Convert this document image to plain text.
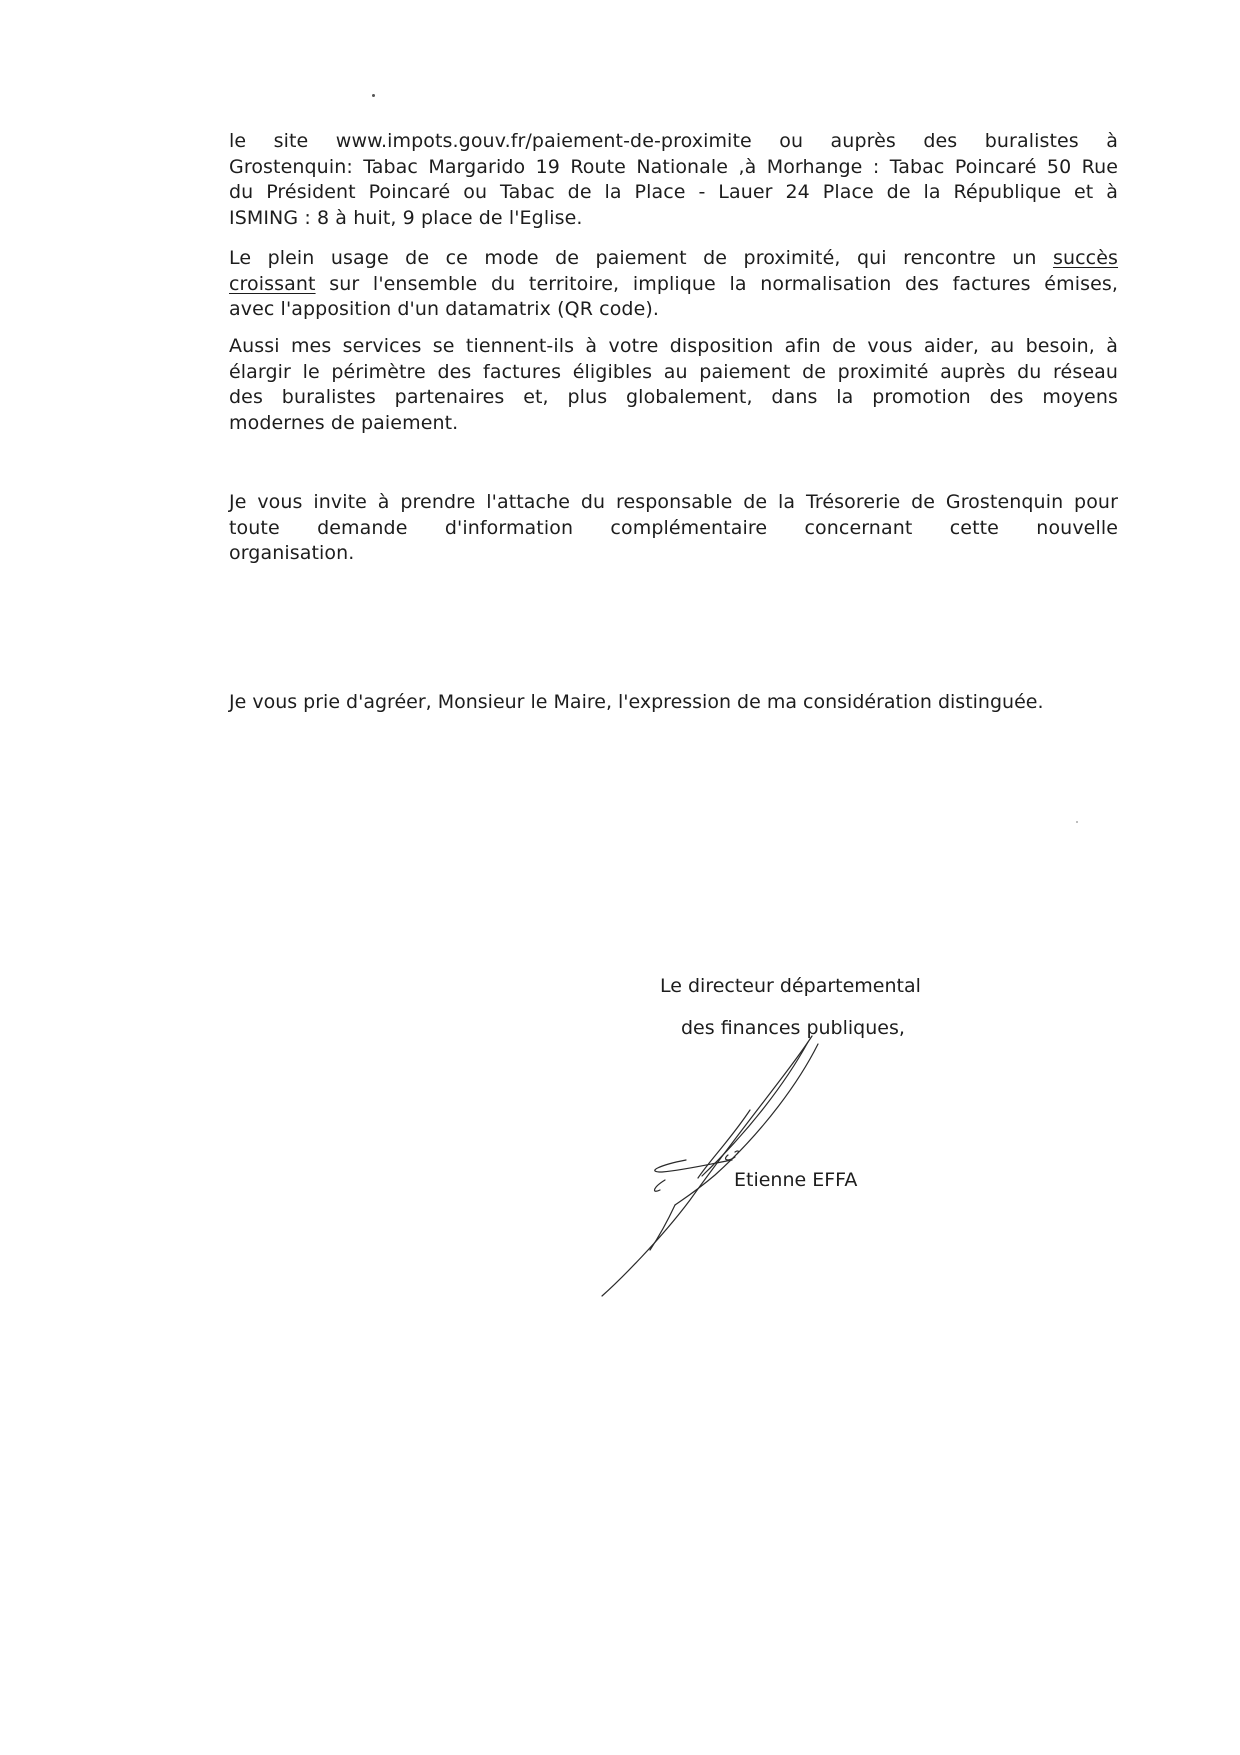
le site www.impots.gouv.fr/paiement-de-proximite ou auprès des buralistes à
Grostenquin: Tabac Margarido 19 Route Nationale ,à Morhange : Tabac Poincaré 50 Rue
du Président Poincaré ou Tabac de la Place - Lauer 24 Place de la République et à
ISMING : 8 à huit, 9 place de l'Eglise.
Le plein usage de ce mode de paiement de proximité, qui rencontre un succès
croissant sur l'ensemble du territoire, implique la normalisation des factures émises,
avec l'apposition d'un datamatrix (QR code).
Aussi mes services se tiennent-ils à votre disposition afin de vous aider, au besoin, à
élargir le périmètre des factures éligibles au paiement de proximité auprès du réseau
des buralistes partenaires et, plus globalement, dans la promotion des moyens
modernes de paiement.
Je vous invite à prendre l'attache du responsable de la Trésorerie de Grostenquin pour
toute demande d'information complémentaire concernant cette nouvelle
organisation.
Je vous prie d'agréer, Monsieur le Maire, l'expression de ma considération distinguée.
Le directeur départemental
des finances publiques,
Etienne EFFA
